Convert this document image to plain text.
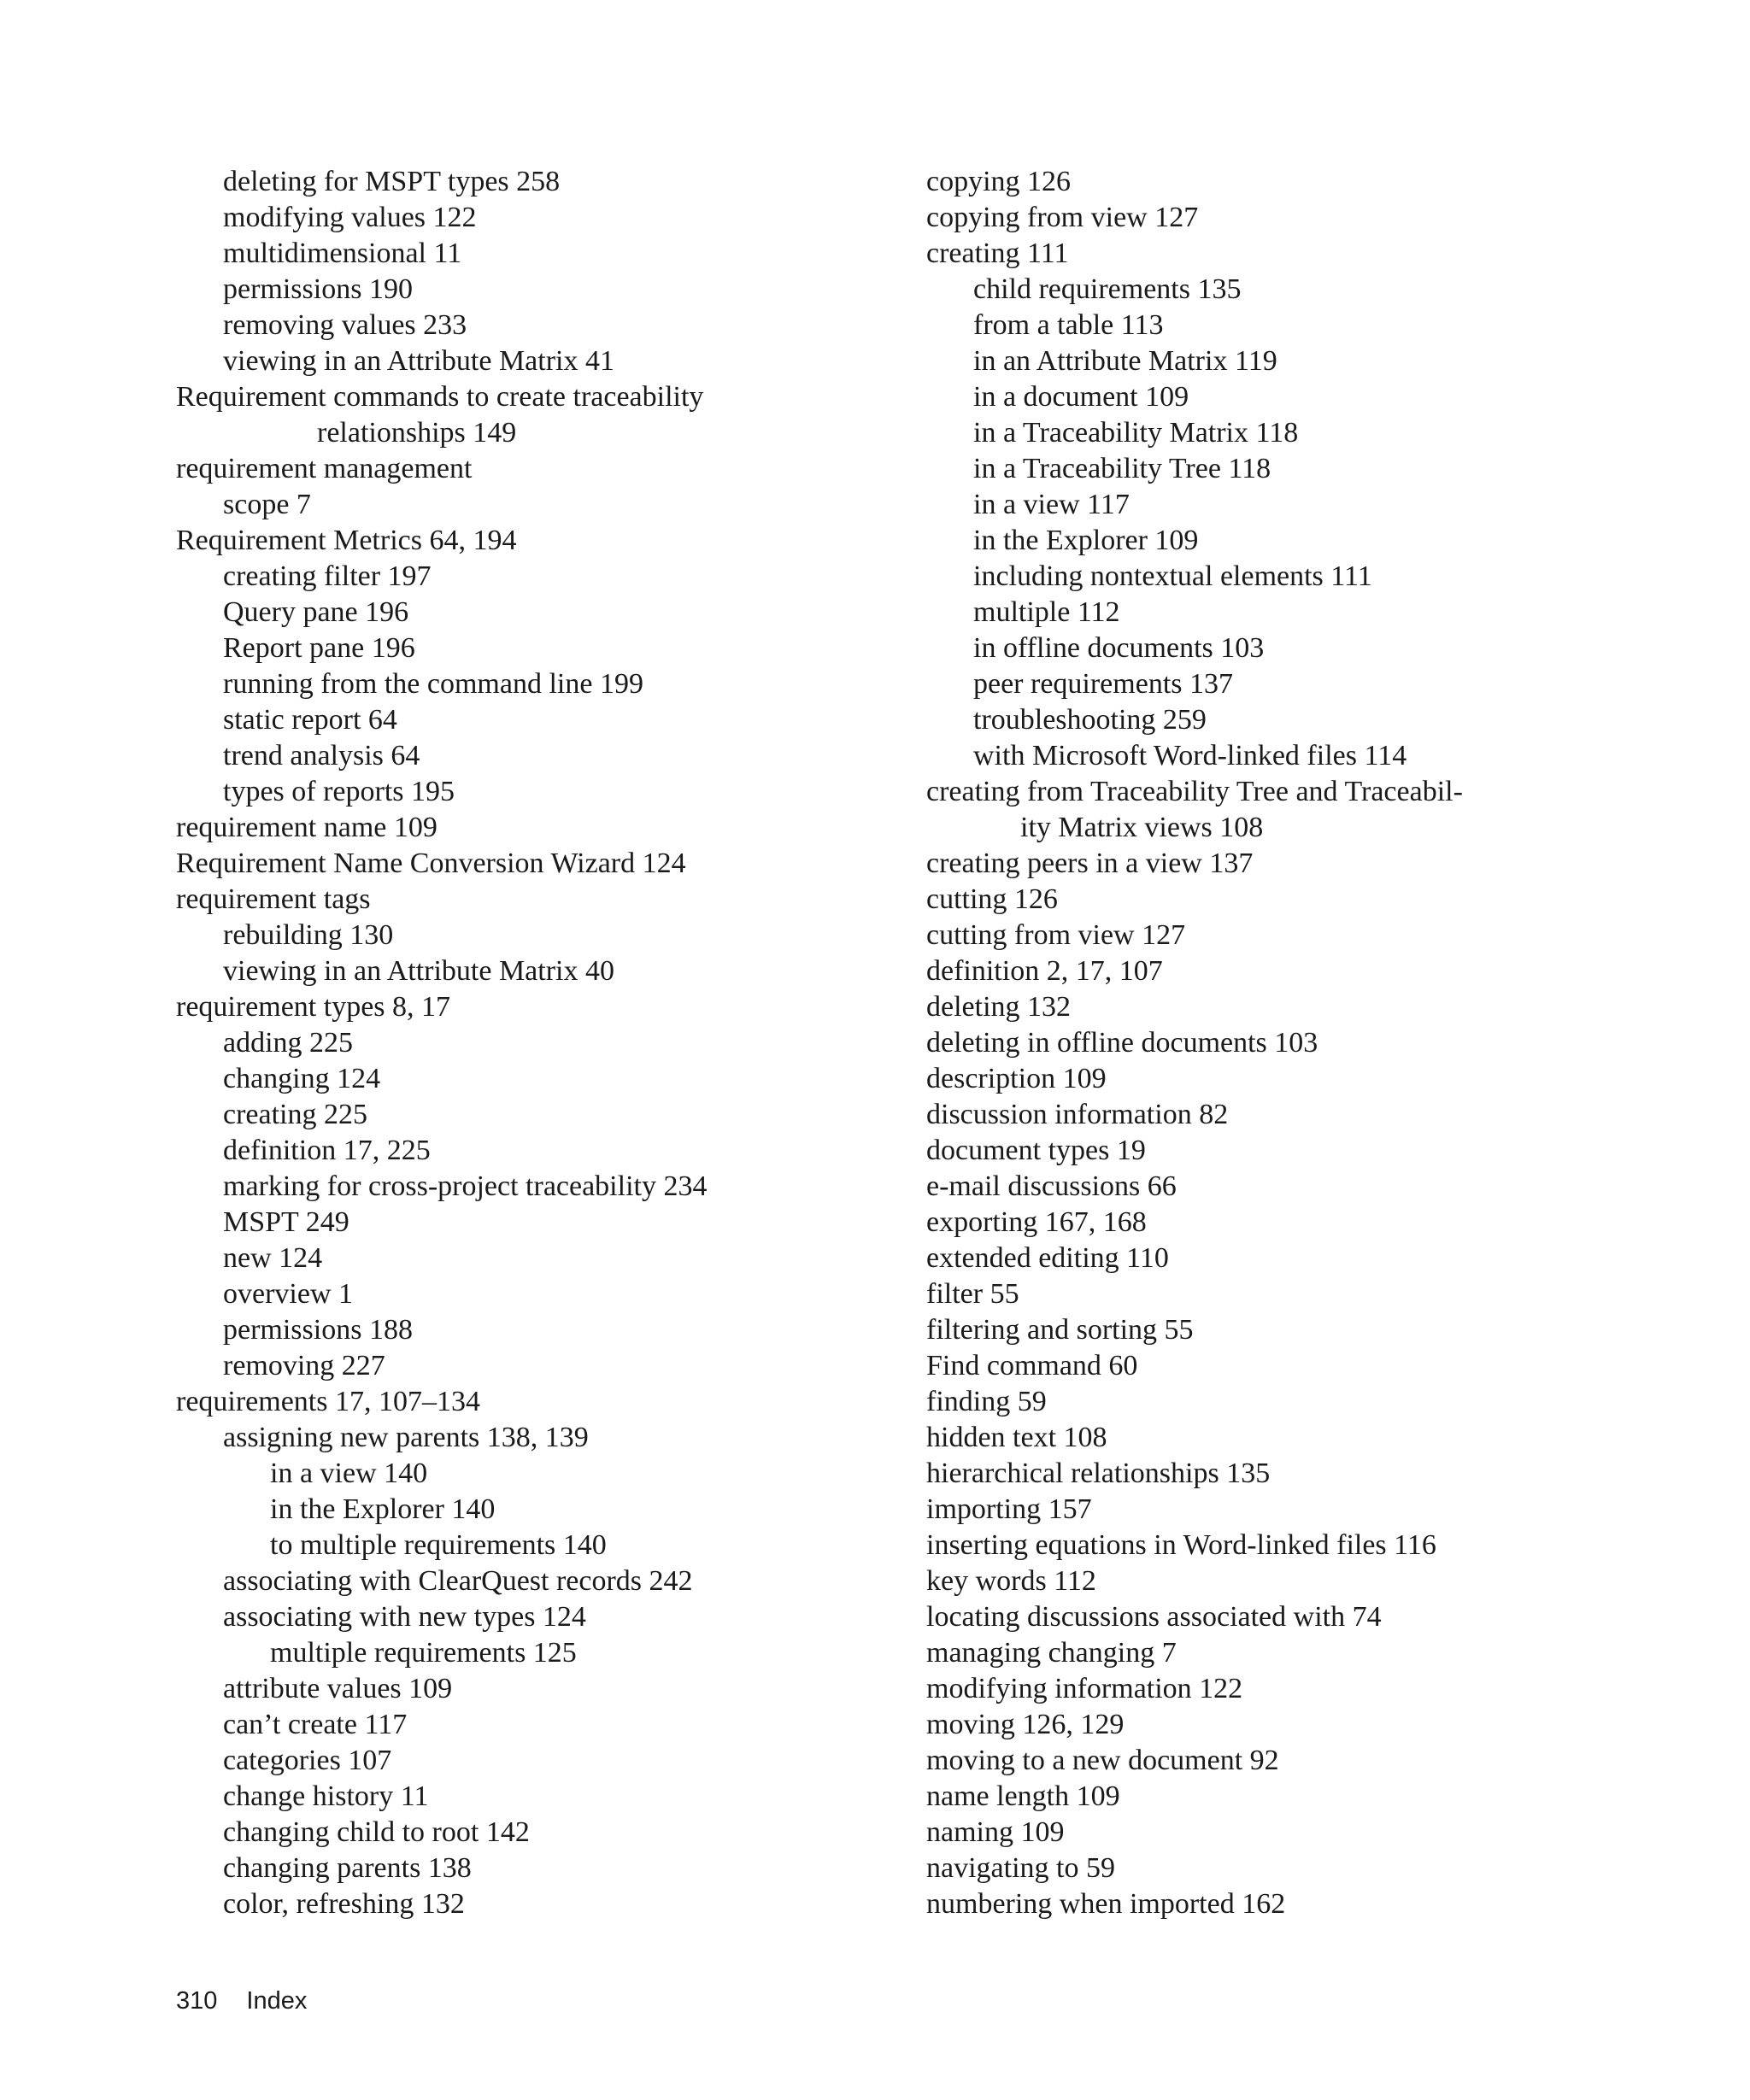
deleting for MSPT types 258
modifying values 122
multidimensional 11
permissions 190
removing values 233
viewing in an Attribute Matrix 41
Requirement commands to create traceability
relationships 149
requirement management
scope 7
Requirement Metrics 64, 194
creating filter 197
Query pane 196
Report pane 196
running from the command line 199
static report 64
trend analysis 64
types of reports 195
requirement name 109
Requirement Name Conversion Wizard 124
requirement tags
rebuilding 130
viewing in an Attribute Matrix 40
requirement types 8, 17
adding 225
changing 124
creating 225
definition 17, 225
marking for cross-project traceability 234
MSPT 249
new 124
overview 1
permissions 188
removing 227
requirements 17, 107–134
assigning new parents 138, 139
in a view 140
in the Explorer 140
to multiple requirements 140
associating with ClearQuest records 242
associating with new types 124
multiple requirements 125
attribute values 109
can’t create 117
categories 107
change history 11
changing child to root 142
changing parents 138
color, refreshing 132
copying 126
copying from view 127
creating 111
child requirements 135
from a table 113
in an Attribute Matrix 119
in a document 109
in a Traceability Matrix 118
in a Traceability Tree 118
in a view 117
in the Explorer 109
including nontextual elements 111
multiple 112
in offline documents 103
peer requirements 137
troubleshooting 259
with Microsoft Word-linked files 114
creating from Traceability Tree and Traceabil-
ity Matrix views 108
creating peers in a view 137
cutting 126
cutting from view 127
definition 2, 17, 107
deleting 132
deleting in offline documents 103
description 109
discussion information 82
document types 19
e-mail discussions 66
exporting 167, 168
extended editing 110
filter 55
filtering and sorting 55
Find command 60
finding 59
hidden text 108
hierarchical relationships 135
importing 157
inserting equations in Word-linked files 116
key words 112
locating discussions associated with 74
managing changing 7
modifying information 122
moving 126, 129
moving to a new document 92
name length 109
naming 109
navigating to 59
numbering when imported 162
310 Index
